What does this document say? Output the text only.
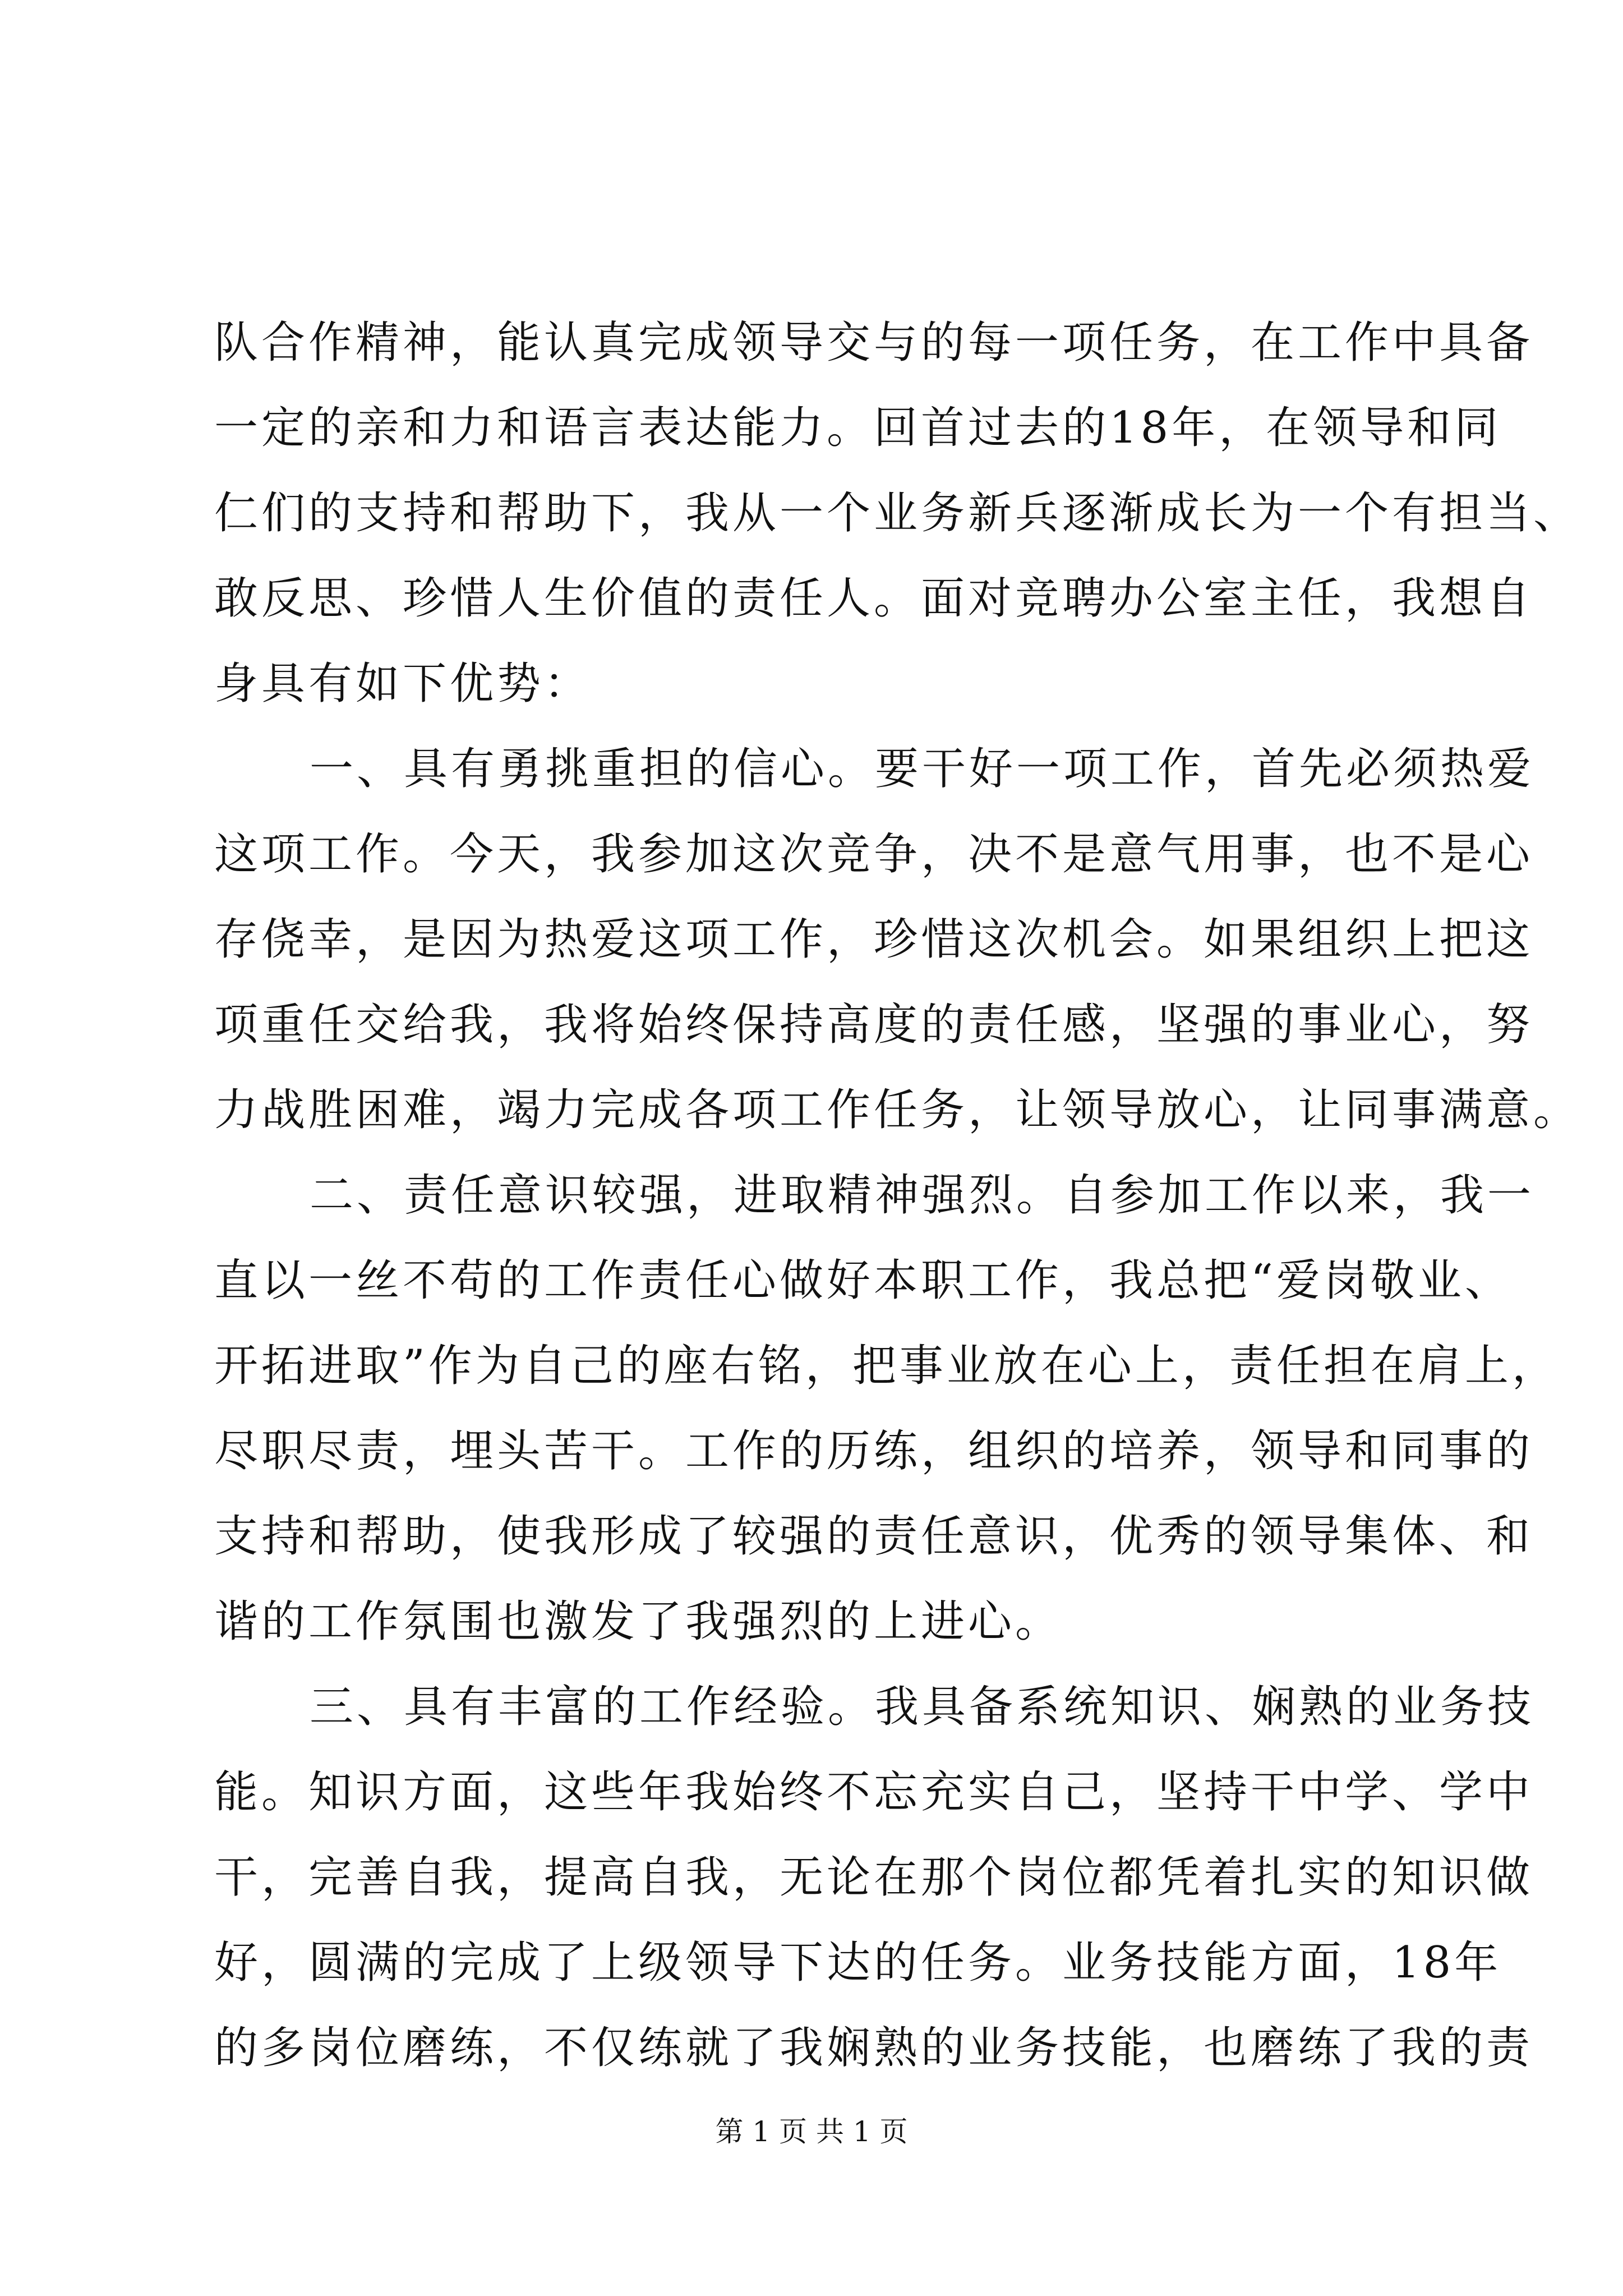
队合作精神，能认真完成领导交与的每一项任务，在工作中具备
一定的亲和力和语言表达能力。回首过去的18年，在领导和同
仁们的支持和帮助下，我从一个业务新兵逐渐成长为一个有担当、
敢反思、珍惜人生价值的责任人。面对竞聘办公室主任，我想自
身具有如下优势：
一、具有勇挑重担的信心。要干好一项工作，首先必须热爱
这项工作。今天，我参加这次竞争，决不是意气用事，也不是心
存侥幸，是因为热爱这项工作，珍惜这次机会。如果组织上把这
项重任交给我，我将始终保持高度的责任感，坚强的事业心，努
力战胜困难，竭力完成各项工作任务，让领导放心，让同事满意。
二、责任意识较强，进取精神强烈。自参加工作以来，我一
直以一丝不苟的工作责任心做好本职工作，我总把“爱岗敬业、
开拓进取”作为自己的座右铭，把事业放在心上，责任担在肩上，
尽职尽责，埋头苦干。工作的历练，组织的培养，领导和同事的
支持和帮助，使我形成了较强的责任意识，优秀的领导集体、和
谐的工作氛围也激发了我强烈的上进心。
三、具有丰富的工作经验。我具备系统知识、娴熟的业务技
能。知识方面，这些年我始终不忘充实自己，坚持干中学、学中
干，完善自我，提高自我，无论在那个岗位都凭着扎实的知识做
好，圆满的完成了上级领导下达的任务。业务技能方面，18年
的多岗位磨练，不仅练就了我娴熟的业务技能，也磨练了我的责
第 1 页 共 1 页
